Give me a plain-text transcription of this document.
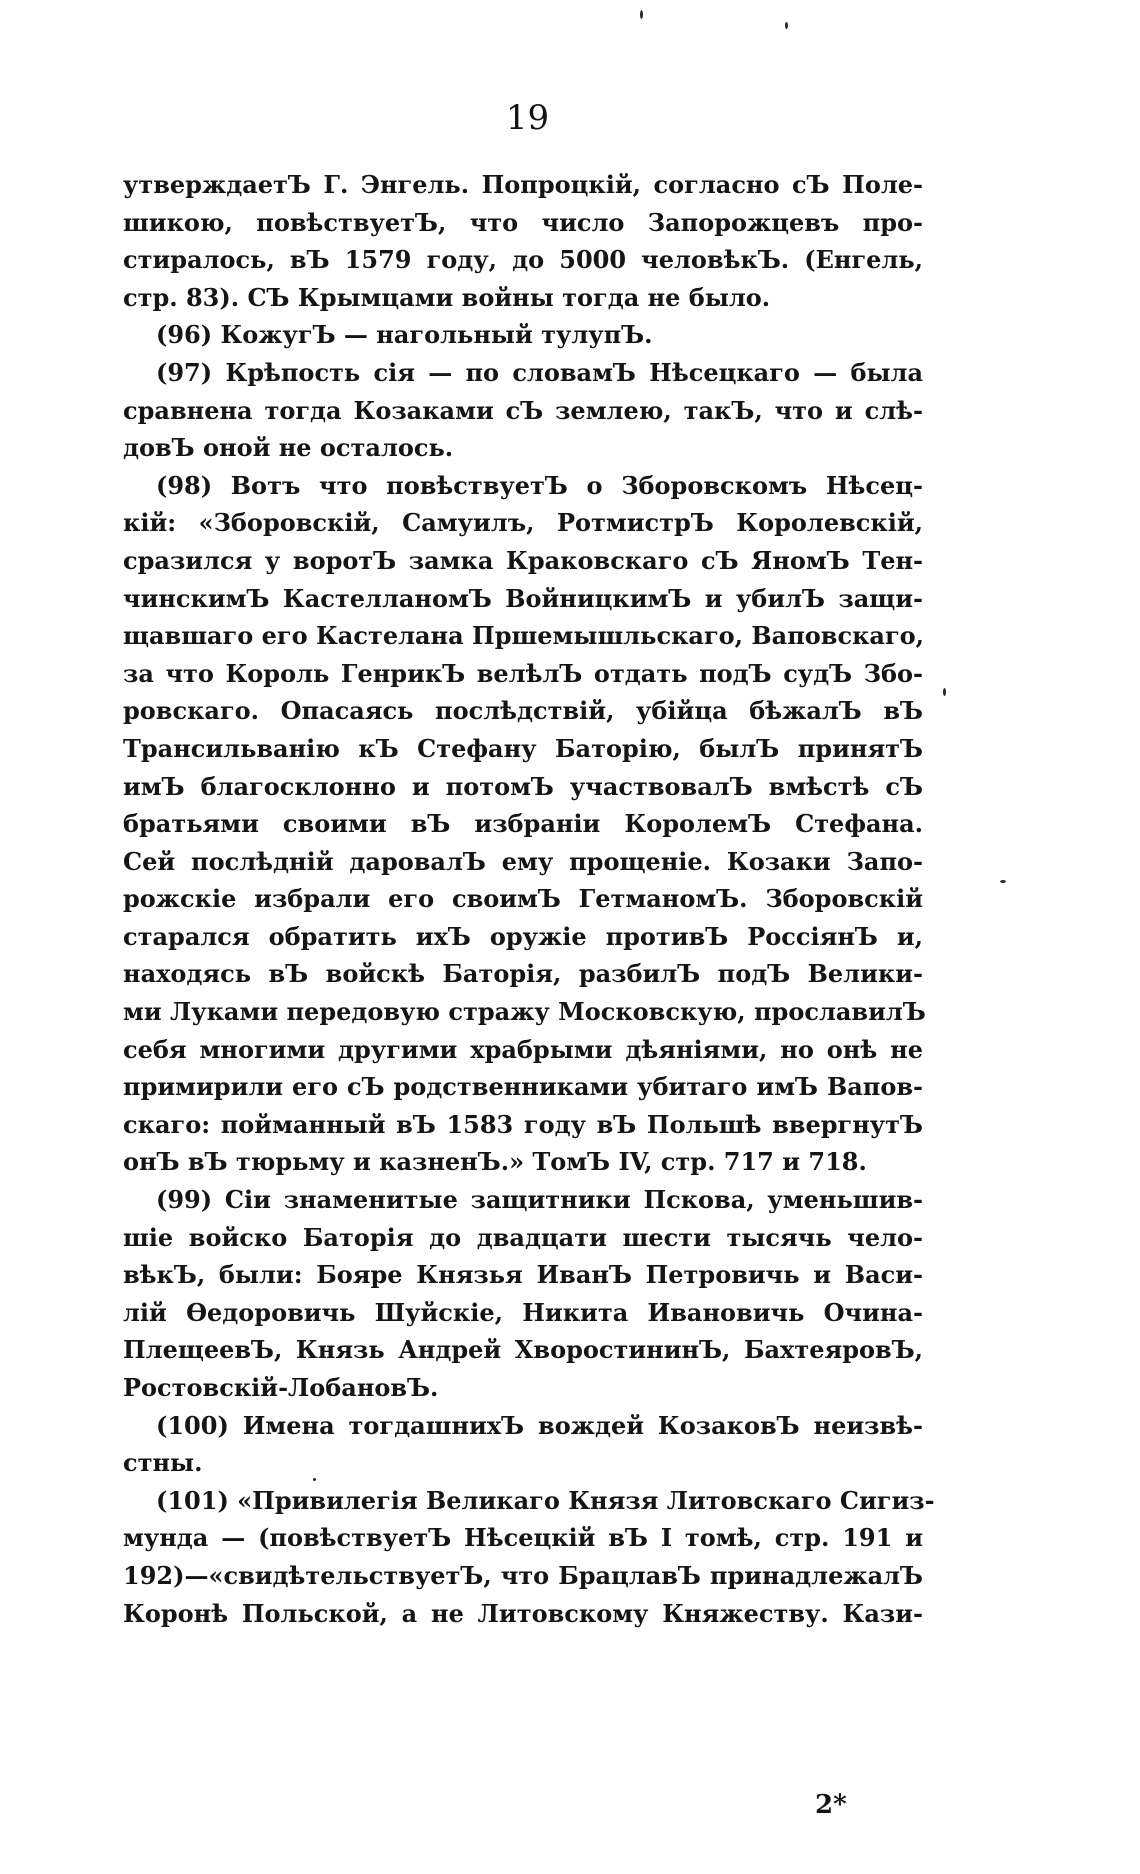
19
утверждаетЪ Г. Энгель. Попроцкій, согласно сЪ Поле-
шикою, повѣствуетЪ, что число Запорожцевъ про-
стиралось, вЪ 1579 году, до 5000 человѣкЪ. (Енгель,
стр. 83). СЪ Крымцами войны тогда не было.
(96) КожугЪ — нагольный тулупЪ.
(97) Крѣпость сія — по словамЪ Нѣсецкаго — была
сравнена тогда Козаками сЪ землею, такЪ, что и слѣ-
довЪ оной не осталось.
(98) Вотъ что повѣствуетЪ о Зборовскомъ Нѣсец-
кій: «Зборовскій, Самуилъ, РотмистрЪ Королевскій,
сразился у воротЪ замка Краковскаго сЪ ЯномЪ Тен-
чинскимЪ КастелланомЪ ВойницкимЪ и убилЪ защи-
щавшаго его Кастелана Пршемышльскаго, Ваповскаго,
за что Король ГенрикЪ велѣлЪ отдать подЪ судЪ Збо-
ровскаго. Опасаясь послѣдствій, убійца бѣжалЪ вЪ
Трансильванію кЪ Стефану Баторію, былЪ принятЪ
имЪ благосклонно и потомЪ участвовалЪ вмѣстѣ сЪ
братьями своими вЪ избраніи КоролемЪ Стефана.
Сей послѣдній даровалЪ ему прощеніе. Козаки Запо-
рожскіе избрали его своимЪ ГетманомЪ. Зборовскій
старался обратить ихЪ оружіе противЪ РоссіянЪ и,
находясь вЪ войскѣ Баторія, разбилЪ подЪ Велики-
ми Луками передовую стражу Московскую, прославилЪ
себя многими другими храбрыми дѣяніями, но онѣ не
примирили его сЪ родственниками убитаго имЪ Вапов-
скаго: пойманный вЪ 1583 году вЪ Польшѣ ввергнутЪ
онЪ вЪ тюрьму и казненЪ.» ТомЪ IV, стр. 717 и 718.
(99) Сіи знаменитые защитники Пскова, уменьшив-
шіе войско Баторія до двадцати шести тысячь чело-
вѣкЪ, были: Бояре Князья ИванЪ Петровичь и Васи-
лій Ѳедоровичь Шуйскіе, Никита Ивановичь Очина-
ПлещеевЪ, Князь Андрей ХворостининЪ, БахтеяровЪ,
Ростовскій-ЛобановЪ.
(100) Имена тогдашнихЪ вождей КозаковЪ неизвѣ-
стны.
(101) «Привилегія Великаго Князя Литовскаго Сигиз-
мунда — (повѣствуетЪ Нѣсецкій вЪ I томѣ, стр. 191 и
192)—«свидѣтельствуетЪ, что БрацлавЪ принадлежалЪ
Коронѣ Польской, а не Литовскому Княжеству. Кази-
2*
